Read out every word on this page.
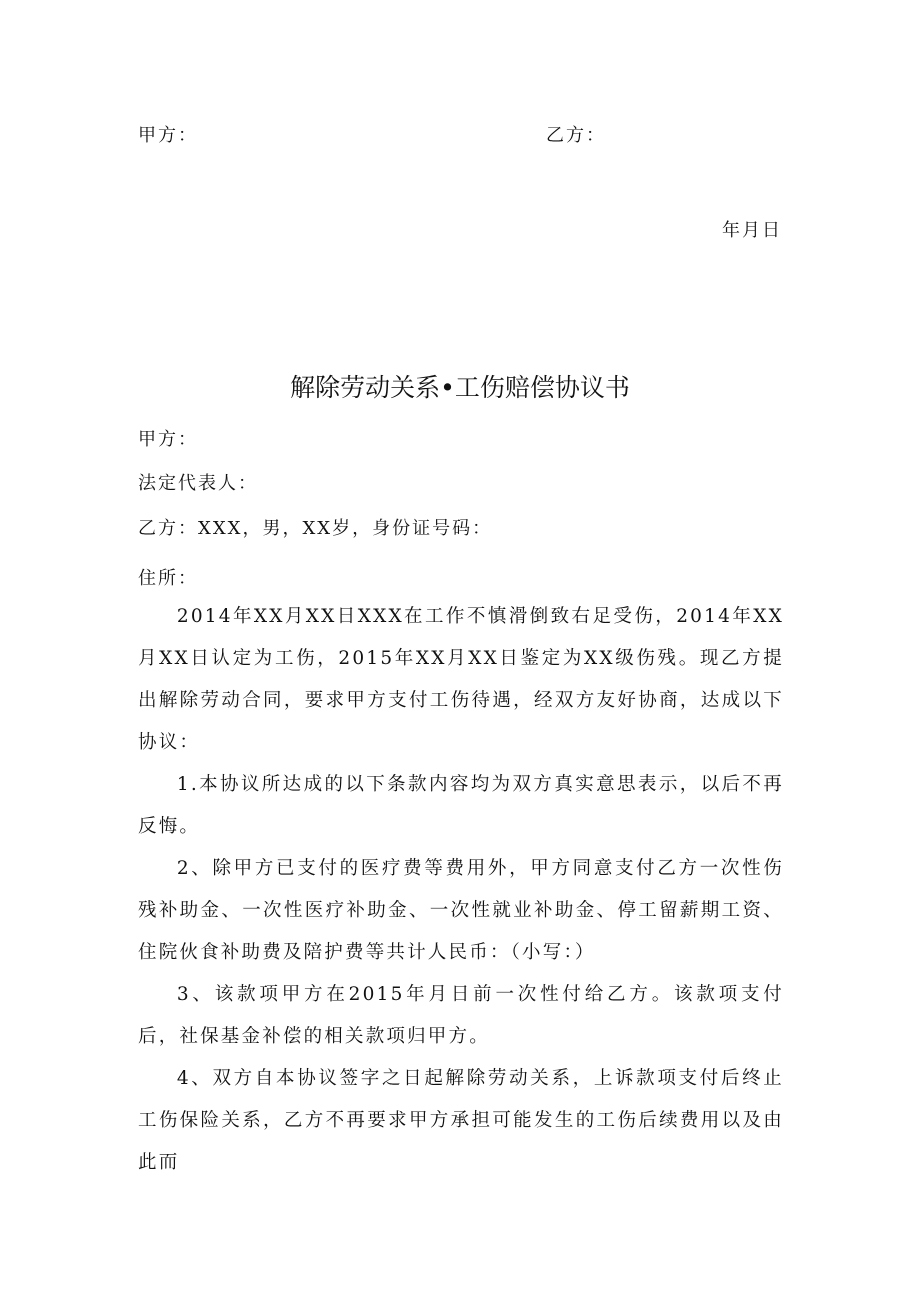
甲方：	乙方：
年月日
解除劳动关系•工伤赔偿协议书
甲方：
法定代表人：
乙方：XXX，男，XX岁，身份证号码：
住所：

2014年XX月XX日XXX在工作不慎滑倒致右足受伤，2014年XX月XX日认定为工伤，2015年XX月XX日鉴定为XX级伤残。现乙方提出解除劳动合同，要求甲方支付工伤待遇，经双方友好协商，达成以下协议：

1.本协议所达成的以下条款内容均为双方真实意思表示，以后不再反悔。

2、除甲方已支付的医疗费等费用外，甲方同意支付乙方一次性伤残补助金、一次性医疗补助金、一次性就业补助金、停工留薪期工资、住院伙食补助费及陪护费等共计人民币：（小写：）

3、该款项甲方在2015年月日前一次性付给乙方。该款项支付后，社保基金补偿的相关款项归甲方。

4、双方自本协议签字之日起解除劳动关系，上诉款项支付后终止工伤保险关系，乙方不再要求甲方承担可能发生的工伤后续费用以及由此而
